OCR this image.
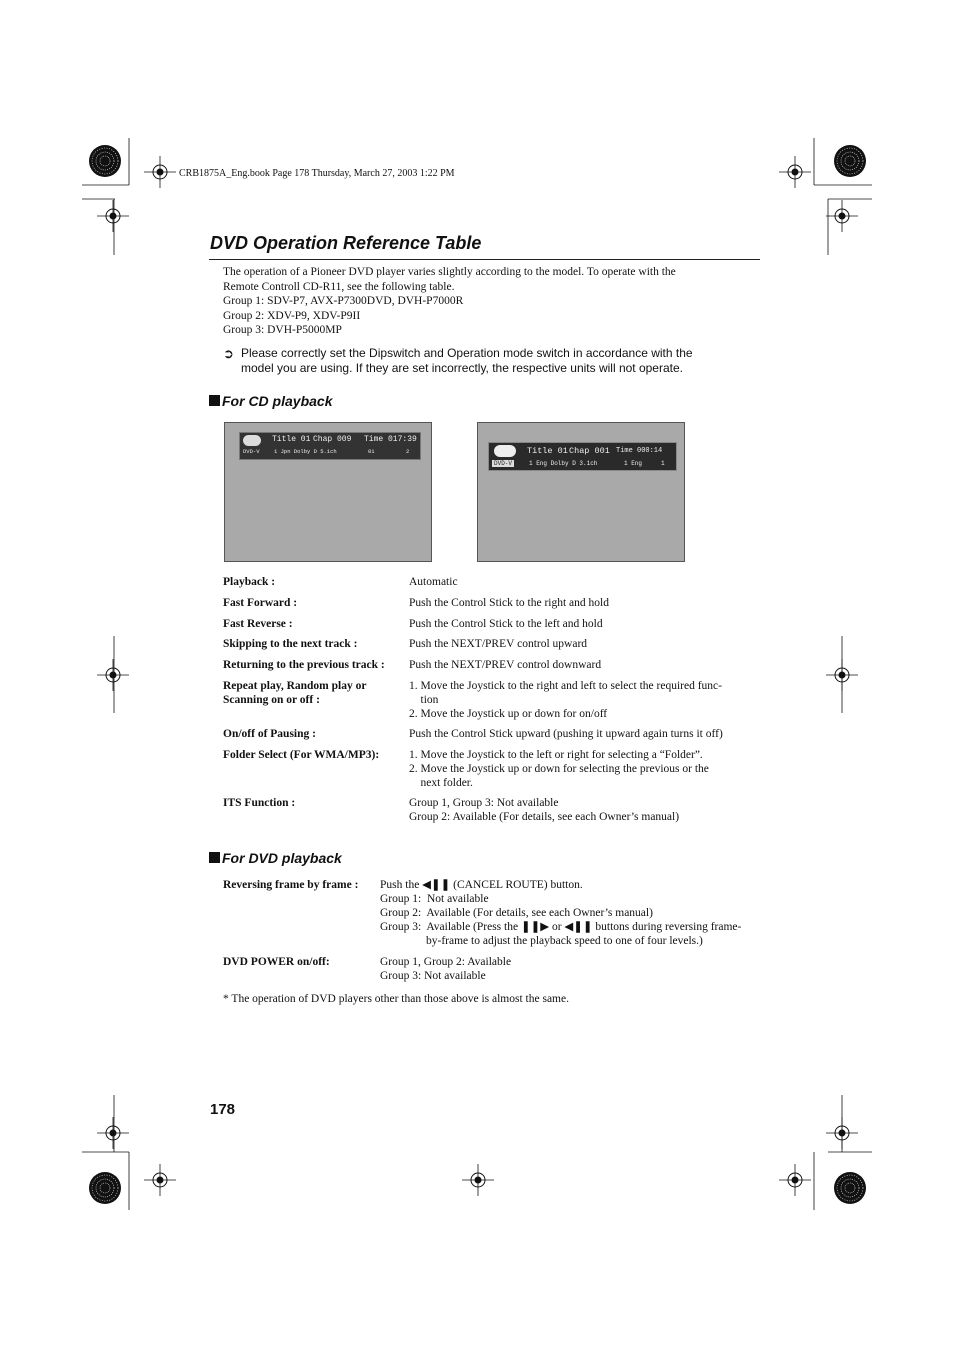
CRB1875A_Eng.book Page 178 Thursday, March 27, 2003 1:22 PM
DVD Operation Reference Table
The operation of a Pioneer DVD player varies slightly according to the model. To operate with the
Remote Controll CD-R11, see the following table.
Group 1: SDV-P7, AVX-P7300DVD, DVH-P7000R
Group 2: XDV-P9, XDV-P9II
Group 3: DVH-P5000MP
➲ Please correctly set the Dipswitch and Operation mode switch in accordance with the
model you are using. If they are set incorrectly, the respective units will not operate.
For CD playback
Title 01 Chap 009 Time 017:39
DVD-V	1 Jpn Dolby D 5.1ch	01	2	Title 01 Chap 001 Time 000:14
DVD-V	1 Eng Dolby D 3.1ch	1 Eng	1
Playback :	Automatic
Fast Forward :	Push the Control Stick to the right and hold
Fast Reverse :	Push the Control Stick to the left and hold
Skipping to the next track :	Push the NEXT/PREV control upward
Returning to the previous track : Push the NEXT/PREV control downward
Repeat play, Random play or
Scanning on or off :
1. Move the Joystick to the right and left to select the required func-
tion
2. Move the Joystick up or down for on/off
On/off of Pausing :	Push the Control Stick upward (pushing it upward again turns it off)
Folder Select (For WMA/MP3):	1. Move the Joystick to the left or right for selecting a “Folder”.
2. Move the Joystick up or down for selecting the previous or the
next folder.
ITS Function :	Group 1, Group 3: Not available
Group 2: Available (For details, see each Owner’s manual)
For DVD playback
Reversing frame by frame : Push the ◀❚❚ (CANCEL ROUTE) button.
Group 1:  Not available
Group 2:  Available (For details, see each Owner’s manual)
Group 3:  Available (Press the ❚❚▶ or ◀❚❚ buttons during reversing frame-
by-frame to adjust the playback speed to one of four levels.)
DVD POWER on/off:	Group 1, Group 2: Available
Group 3: Not available
* The operation of DVD players other than those above is almost the same.
178
